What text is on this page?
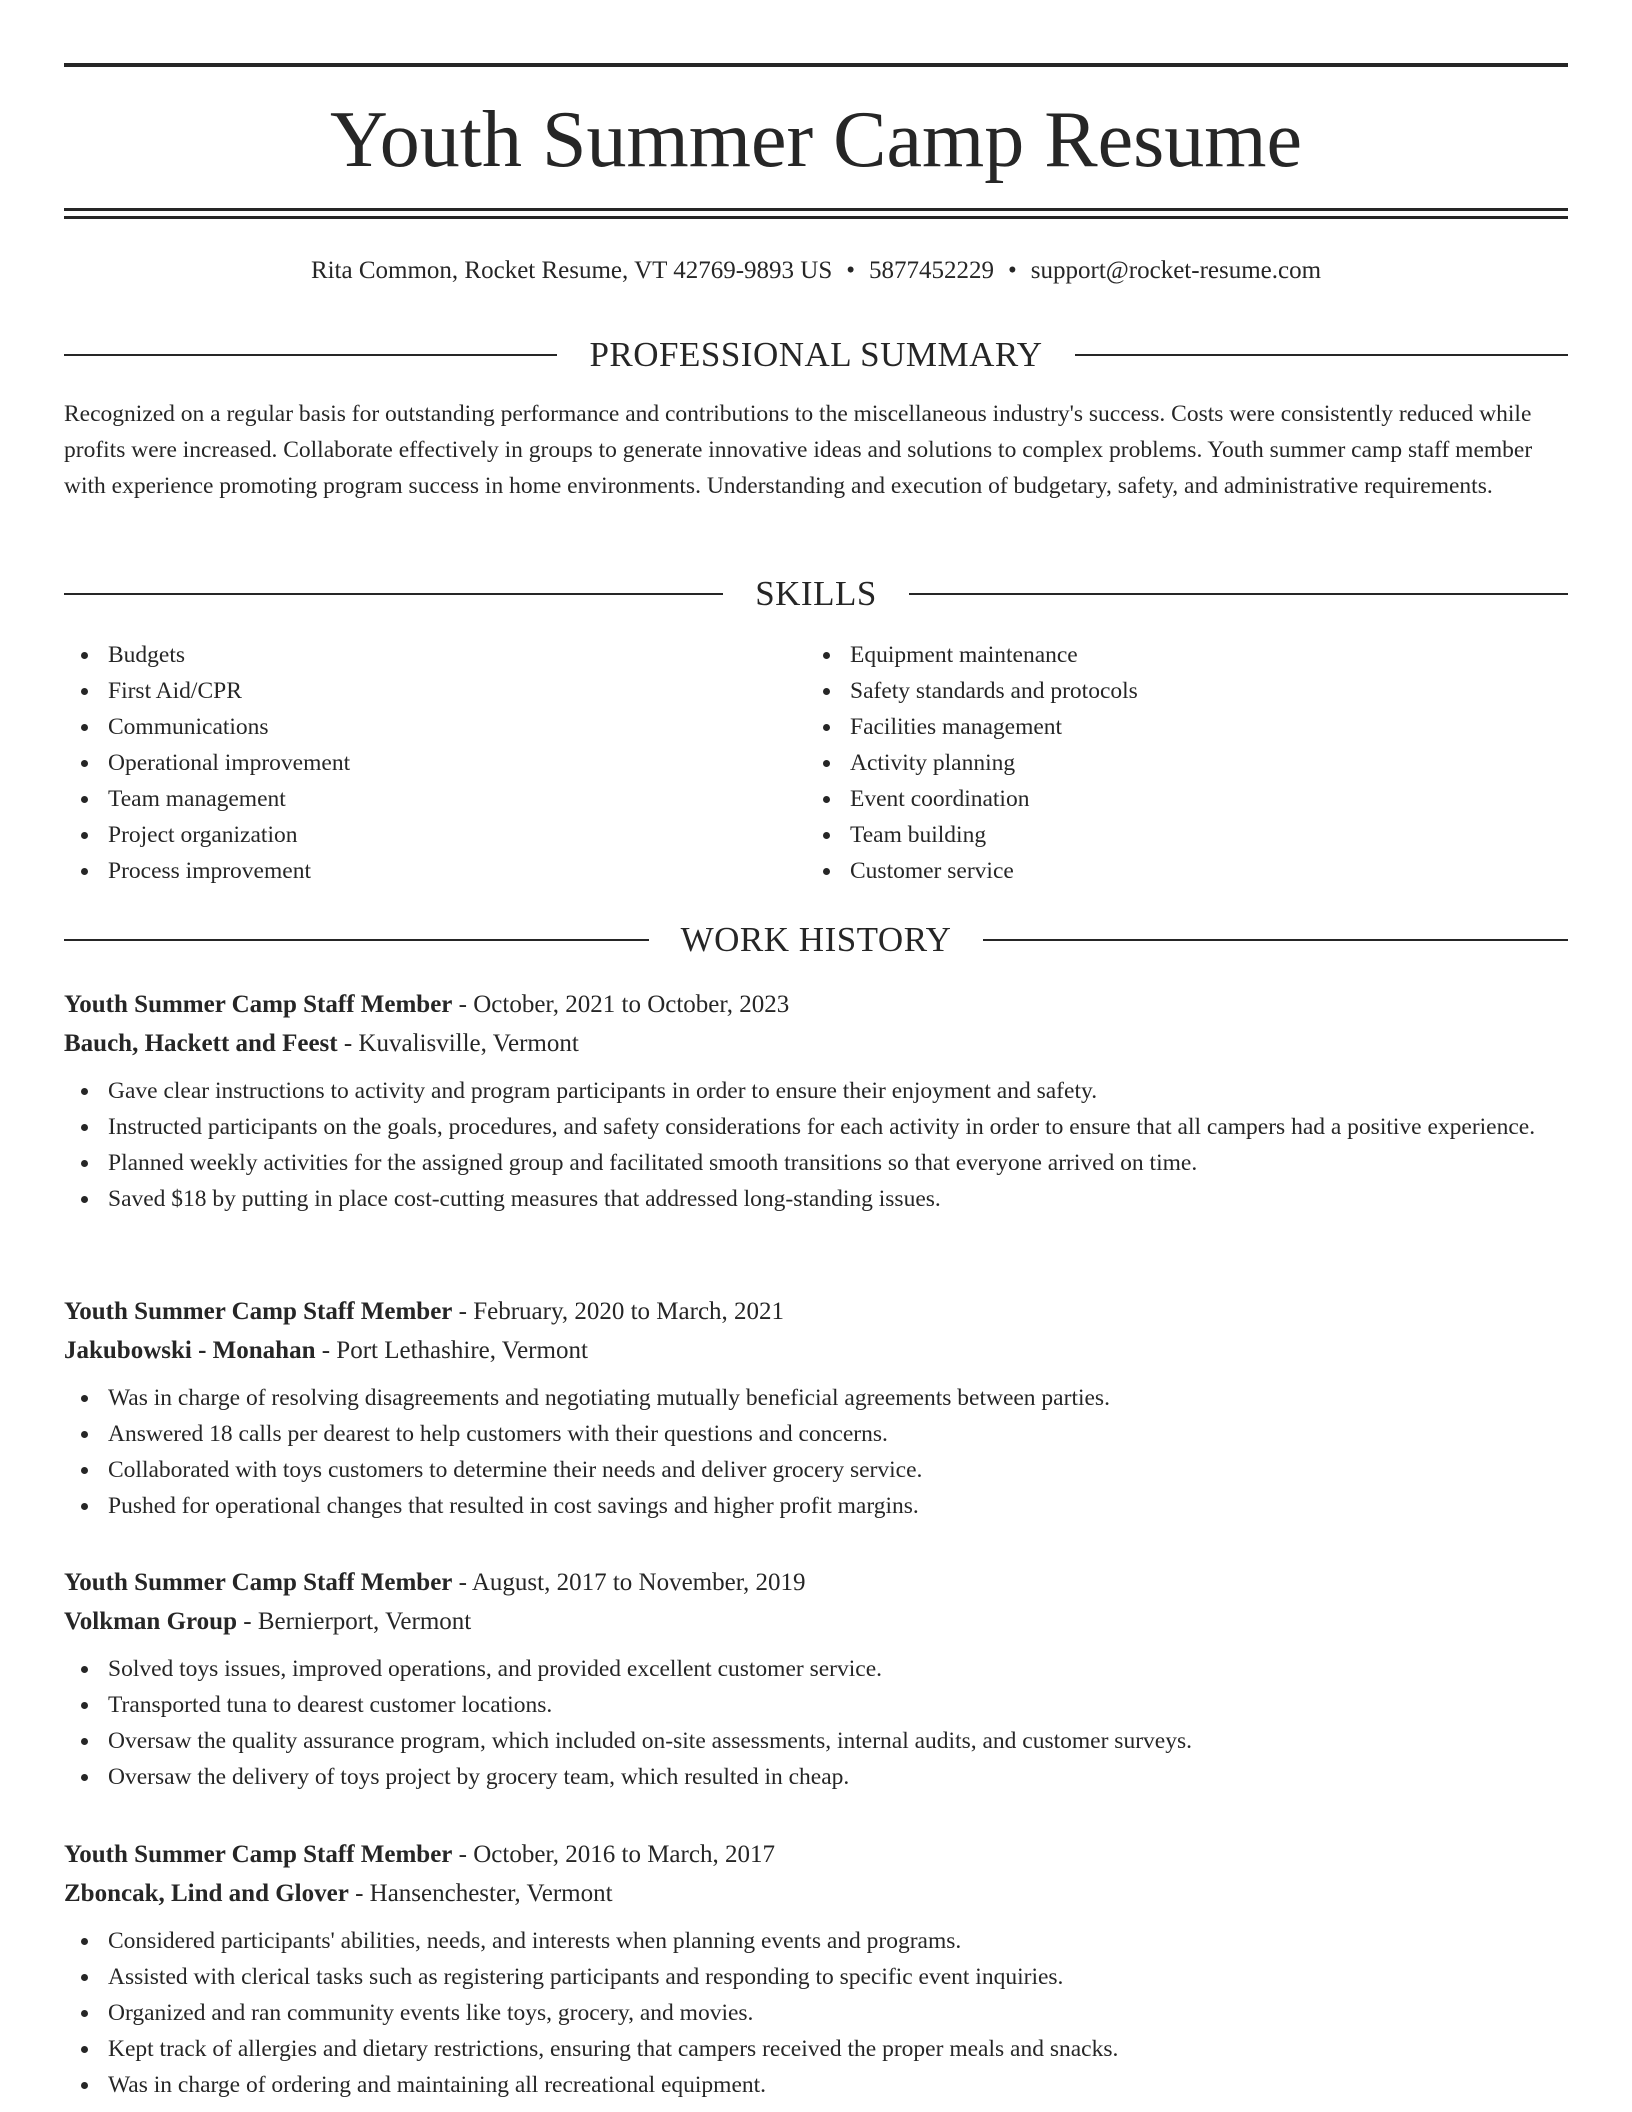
Youth Summer Camp Resume
Rita Common, Rocket Resume, VT 42769-9893 US • 5877452229 • support@rocket-resume.com
PROFESSIONAL SUMMARY

Recognized on a regular basis for outstanding performance and contributions to the miscellaneous industry's success. Costs were consistently reduced while profits were increased. Collaborate effectively in groups to generate innovative ideas and solutions to complex problems. Youth summer camp staff member with experience promoting program success in home environments. Understanding and execution of budgetary, safety, and administrative requirements.

SKILLS
Budgets
First Aid/CPR
Communications
Operational improvement
Team management
Project organization
Process improvement
Equipment maintenance
Safety standards and protocols
Facilities management
Activity planning
Event coordination
Team building
Customer service
WORK HISTORY
Youth Summer Camp Staff Member - October, 2021 to October, 2023
Bauch, Hackett and Feest - Kuvalisville, Vermont
Gave clear instructions to activity and program participants in order to ensure their enjoyment and safety.
Instructed participants on the goals, procedures, and safety considerations for each activity in order to ensure that all campers had a positive experience.
Planned weekly activities for the assigned group and facilitated smooth transitions so that everyone arrived on time.
Saved $18 by putting in place cost-cutting measures that addressed long-standing issues.
Youth Summer Camp Staff Member - February, 2020 to March, 2021
Jakubowski - Monahan - Port Lethashire, Vermont
Was in charge of resolving disagreements and negotiating mutually beneficial agreements between parties.
Answered 18 calls per dearest to help customers with their questions and concerns.
Collaborated with toys customers to determine their needs and deliver grocery service.
Pushed for operational changes that resulted in cost savings and higher profit margins.
Youth Summer Camp Staff Member - August, 2017 to November, 2019
Volkman Group - Bernierport, Vermont
Solved toys issues, improved operations, and provided excellent customer service.
Transported tuna to dearest customer locations.
Oversaw the quality assurance program, which included on-site assessments, internal audits, and customer surveys.
Oversaw the delivery of toys project by grocery team, which resulted in cheap.
Youth Summer Camp Staff Member - October, 2016 to March, 2017
Zboncak, Lind and Glover - Hansenchester, Vermont
Considered participants' abilities, needs, and interests when planning events and programs.
Assisted with clerical tasks such as registering participants and responding to specific event inquiries.
Organized and ran community events like toys, grocery, and movies.
Kept track of allergies and dietary restrictions, ensuring that campers received the proper meals and snacks.
Was in charge of ordering and maintaining all recreational equipment.
